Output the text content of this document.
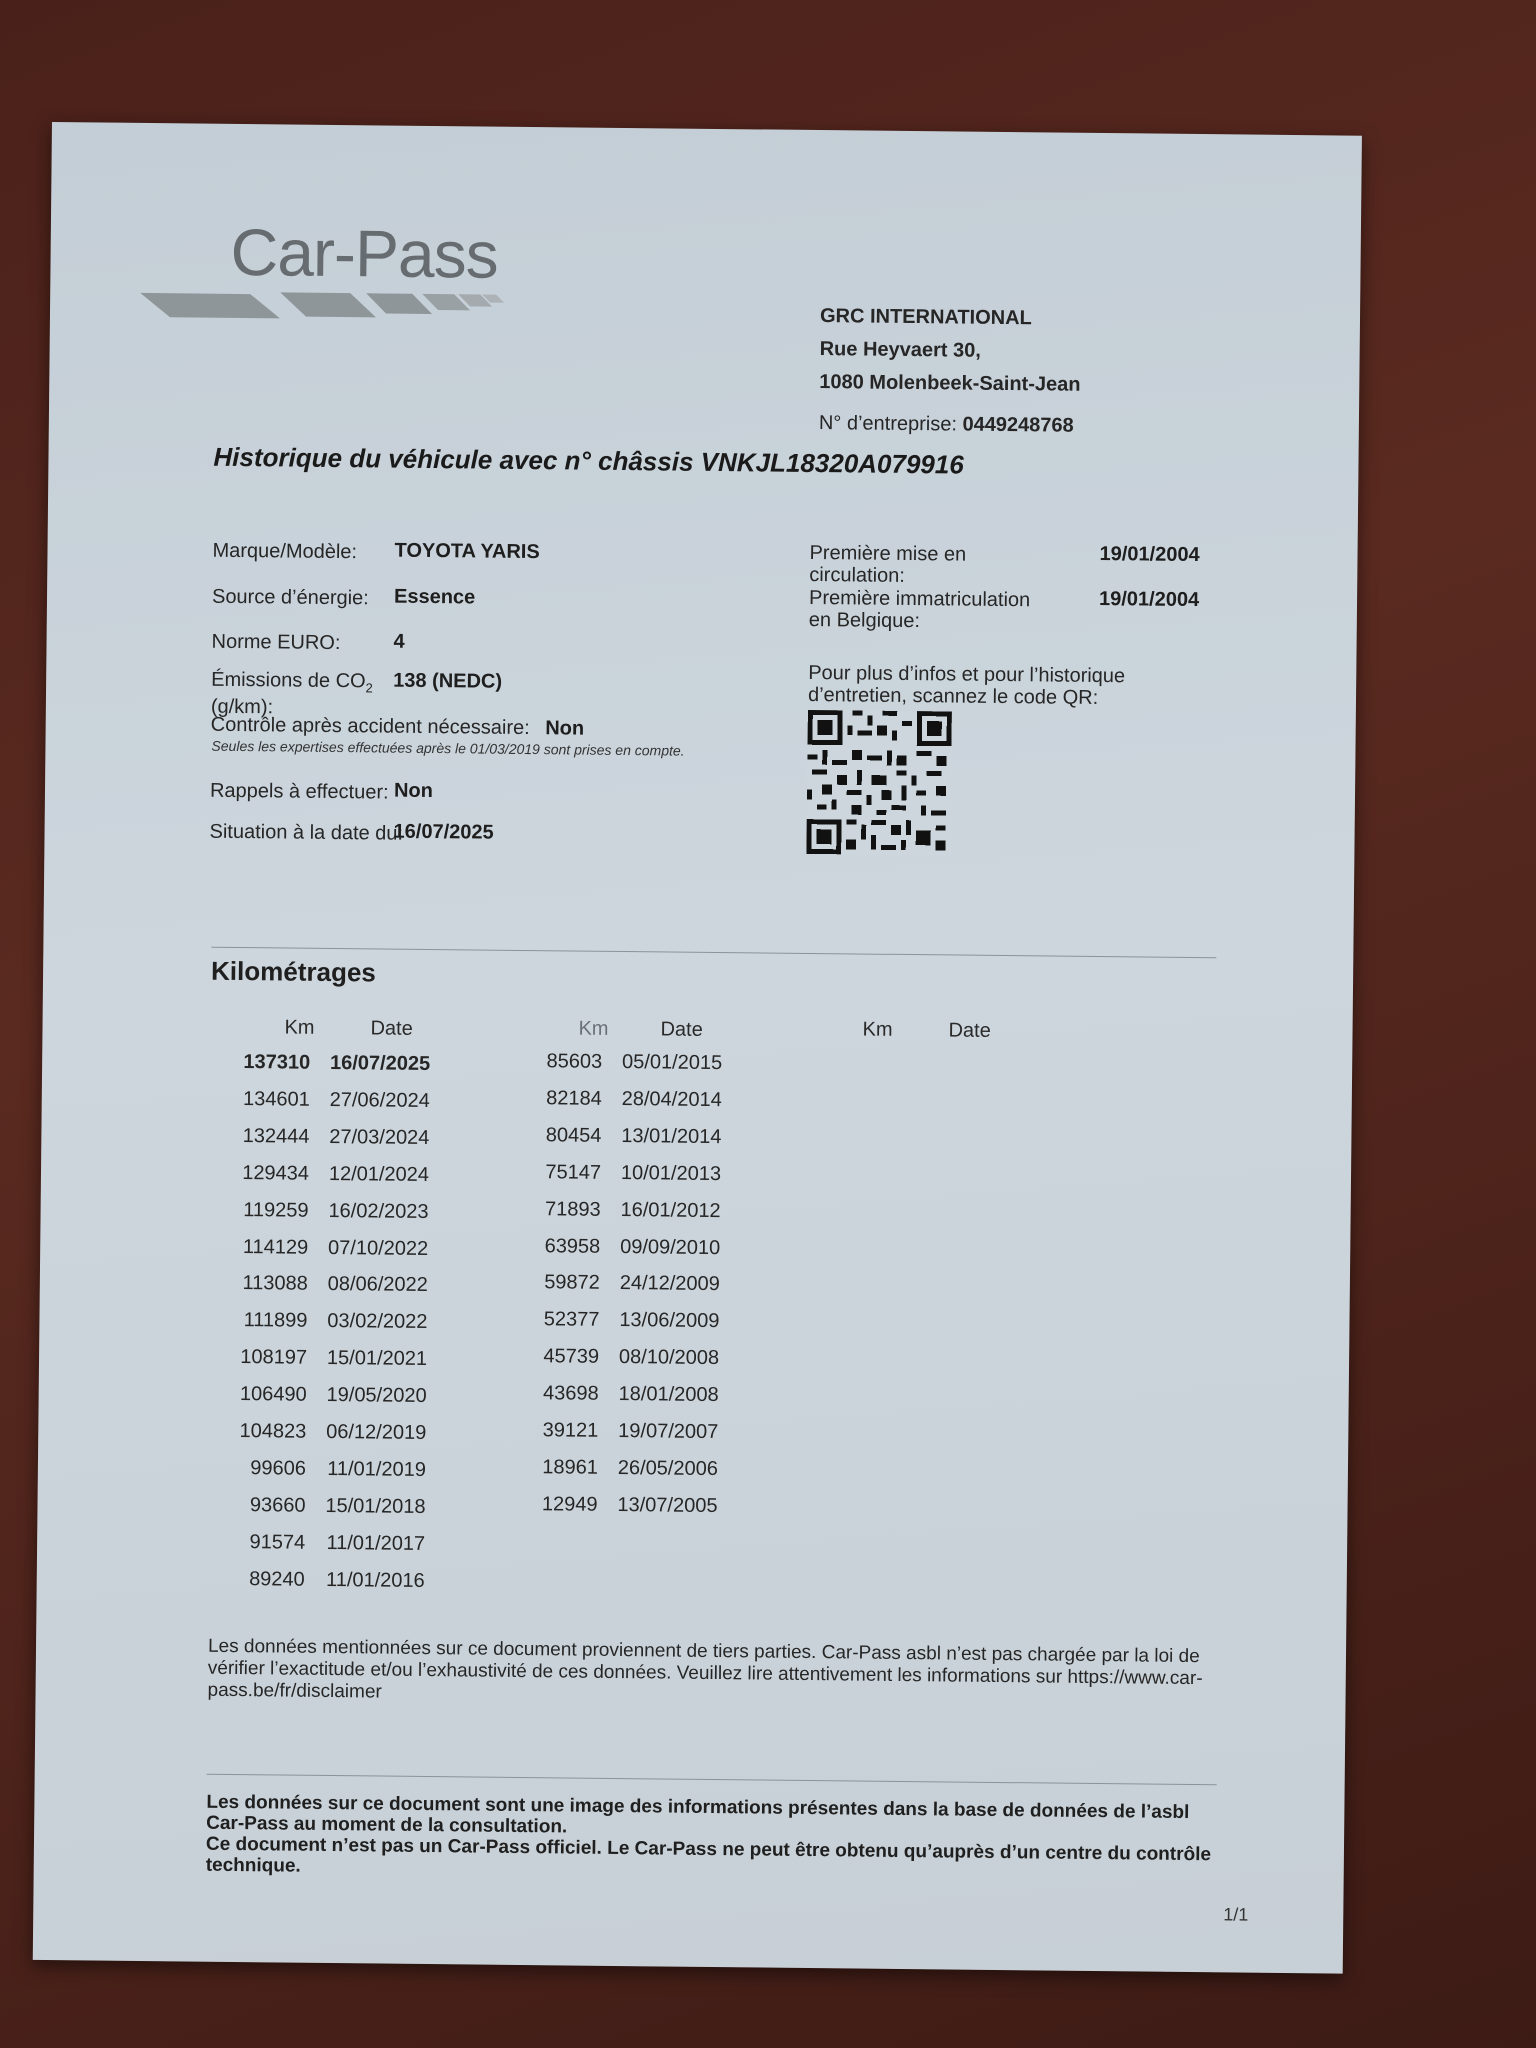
Car-Pass
GRC INTERNATIONAL
Rue Heyvaert 30,
1080 Molenbeek-Saint-Jean
N° d’entreprise: 0449248768
Historique du véhicule avec n° châssis VNKJL18320A079916
Marque/Modèle: TOYOTA YARIS
Source d’énergie: Essence
Norme EURO:	4
Émissions de $CO_2$
(g/km):
138 (NEDC)
Contrôle après accident nécessaire: Non
Seules les expertises effectuées après le 01/03/2019 sont prises en compte.
Rappels à effectuer: Non
Situation à la date du:
16/07/2025
Première mise en
circulation:
19/01/2004
Première immatriculation
en Belgique:
19/01/2004
Pour plus d’infos et pour l’historique
d’entretien, scannez le code QR:
Kilométrages
Km	Date	Km	Date	Km	Date
137310 16/07/2025
134601 27/06/2024
132444 27/03/2024
129434 12/01/2024
119259 16/02/2023
114129 07/10/2022
113088 08/06/2022
111899 03/02/2022
108197 15/01/2021
106490 19/05/2020
104823 06/12/2019
99606 11/01/2019
93660 15/01/2018
91574 11/01/2017
89240 11/01/2016
85603 05/01/2015
82184 28/04/2014
80454 13/01/2014
75147 10/01/2013
71893 16/01/2012
63958 09/09/2010
59872 24/12/2009
52377 13/06/2009
45739 08/10/2008
43698 18/01/2008
39121 19/07/2007
18961 26/05/2006
12949 13/07/2005
Les données mentionnées sur ce document proviennent de tiers parties. Car-Pass asbl n’est pas chargée par la loi de vérifier l’exactitude et/ou l’exhaustivité de ces données. Veuillez lire attentivement les informations sur https://www.car-pass.be/fr/disclaimer
Les données sur ce document sont une image des informations présentes dans la base de données de l’asbl Car-Pass au moment de la consultation.
Ce document n’est pas un Car-Pass officiel. Le Car-Pass ne peut être obtenu qu’auprès d’un centre du contrôle technique.
1/1
